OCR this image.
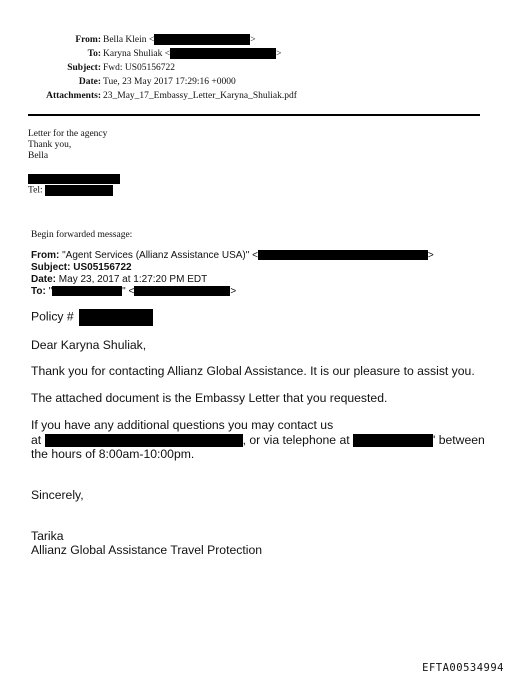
From: Bella Klein <	>
To: Karyna Shuliak <	>
Subject: Fwd: US05156722
Date: Tue, 23 May 2017 17:29:16 +0000
Attachments: 23_May_17_Embassy_Letter_Karyna_Shuliak.pdf
Letter for the agency
Thank you,
Bella
Tel:
Begin forwarded message:
From: "Agent Services (Allianz Assistance USA)" <	>
Subject: US05156722
Date: May 23, 2017 at 1:27:20 PM EDT
To: "	" <	>
Policy #
Dear Karyna Shuliak,
Thank you for contacting Allianz Global Assistance. It is our pleasure to assist you.
The attached document is the Embassy Letter that you requested.
If you have any additional questions you may contact us
at	, or via telephone at	' between
the hours of 8:00am-10:00pm.
Sincerely,
Tarika
Allianz Global Assistance Travel Protection
EFTA00534994
